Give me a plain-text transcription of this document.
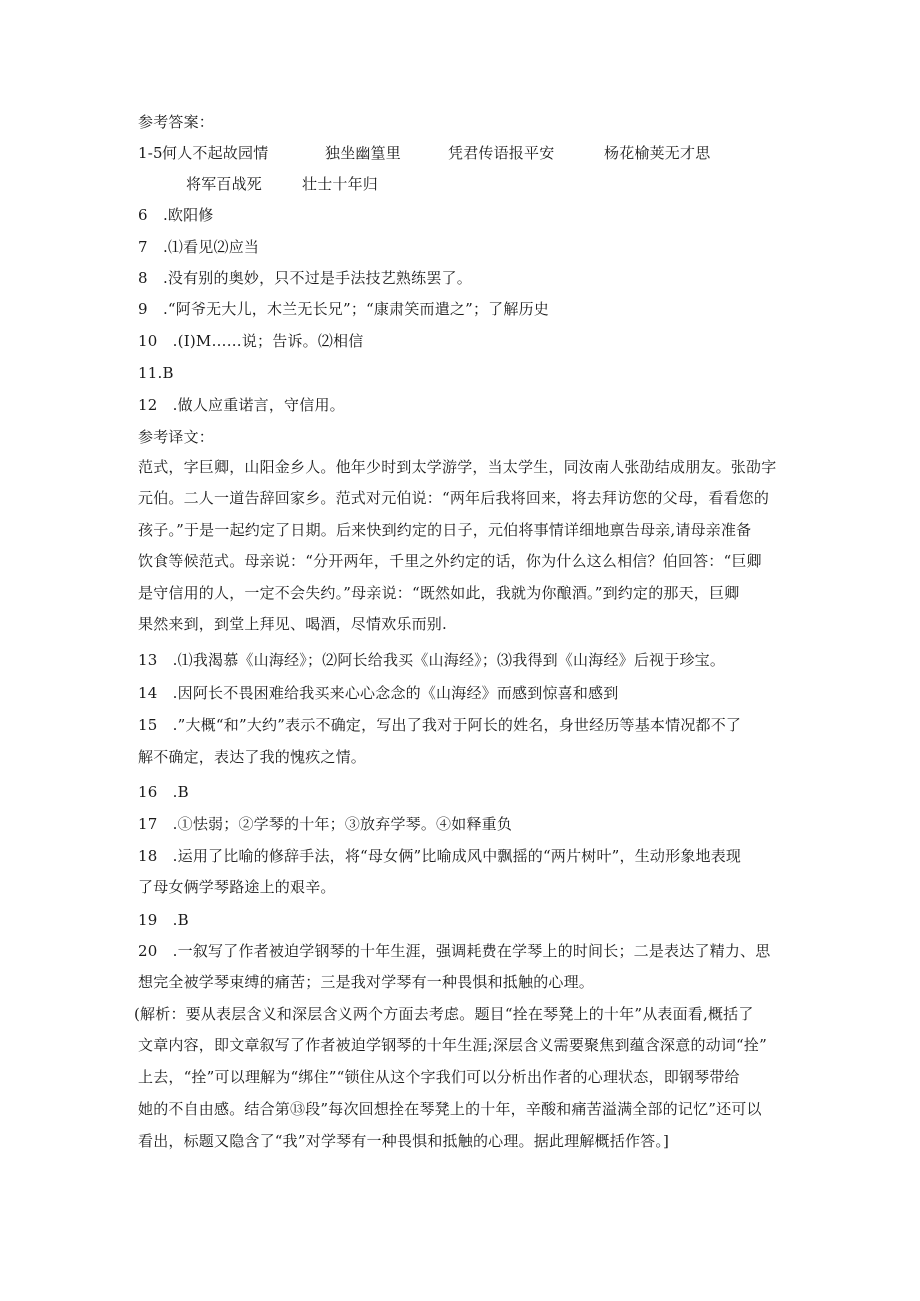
参考答案：
1-5 何人不起故园情	独坐幽篁里	凭君传语报平安	杨花榆荚无才思
将军百战死	壮士十年归
6　.欧阳修
7　.⑴看见⑵应当
8　.没有别的奥妙，只不过是手法技艺熟练罢了。
9　.“阿爷无大儿，木兰无长兄”；“康肃笑而遣之”；了解历史
10　.(I)M……说；告诉。⑵相信
11.B
12　.做人应重诺言，守信用。
参考译文：
范式，字巨卿，山阳金乡人。他年少时到太学游学，当太学生，同汝南人张劭结成朋友。张劭字
元伯。二人一道告辞回家乡。范式对元伯说：“两年后我将回来，将去拜访您的父母，看看您的
孩子。”于是一起约定了日期。后来快到约定的日子，元伯将事情详细地禀告母亲,请母亲准备
饮食等候范式。母亲说：“分开两年，千里之外约定的话，你为什么这么相信？伯回答：“巨卿
是守信用的人，一定不会失约。”母亲说：“既然如此，我就为你酿酒。”到约定的那天，巨卿
果然来到，到堂上拜见、喝酒，尽情欢乐而别.
13　.⑴我渴慕《山海经》；⑵阿长给我买《山海经》；⑶我得到《山海经》后视于珍宝。
14　.因阿长不畏困难给我买来心心念念的《山海经》而感到惊喜和感到
15　.”大概“和”大约”表示不确定，写出了我对于阿长的姓名，身世经历等基本情况都不了
解不确定，表达了我的愧疚之情。
16　.B
17　.①怯弱；②学琴的十年；③放弃学琴。④如释重负
18　.运用了比喻的修辞手法，将“母女俩”比喻成风中飘摇的“两片树叶”，生动形象地表现
了母女俩学琴路途上的艰辛。
19　.B
20　.一叙写了作者被迫学钢琴的十年生涯，强调耗费在学琴上的时间长；二是表达了精力、思
想完全被学琴束缚的痛苦；三是我对学琴有一种畏惧和抵触的心理。
(解析：要从表层含义和深层含义两个方面去考虑。题目“拴在琴凳上的十年”从表面看,概括了
文章内容，即文章叙写了作者被迫学钢琴的十年生涯;深层含义需要聚焦到蕴含深意的动词“拴”
上去，“拴”可以理解为“绑住”“锁住从这个字我们可以分析出作者的心理状态，即钢琴带给
她的不自由感。结合第⑬段”每次回想拴在琴凳上的十年，辛酸和痛苦溢满全部的记忆”还可以
看出，标题又隐含了“我”对学琴有一种畏惧和抵触的心理。据此理解概括作答。]
